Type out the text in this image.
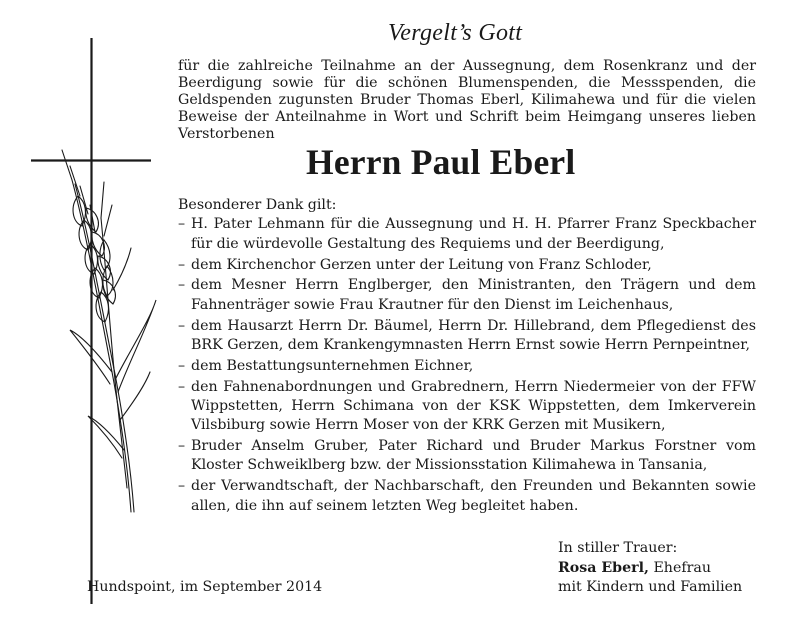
Vergelt’s Gott
für die zahlreiche Teilnahme an der Aussegnung, dem Rosenkranz und der Beerdigung sowie für die schönen Blumenspenden, die Messspenden, die Geldspenden zugunsten Bruder Thomas Eberl, Kilimahewa und für die vielen Beweise der Anteilnahme in Wort und Schrift beim Heimgang unseres lieben Verstorbenen
Herrn Paul Eberl

Besonderer Dank gilt:

– H. Pater Lehmann für die Aussegnung und H. H. Pfarrer Franz Speckbacher für die würdevolle Gestaltung des Requiems und der Beerdigung,
– dem Kirchenchor Gerzen unter der Leitung von Franz Schloder,
– dem Mesner Herrn Englberger, den Ministranten, den Trägern und dem Fahnenträger sowie Frau Krautner für den Dienst im Leichenhaus,
– dem Hausarzt Herrn Dr. Bäumel, Herrn Dr. Hillebrand, dem Pflegedienst des BRK Gerzen, dem Krankengymnasten Herrn Ernst sowie Herrn Pernpeintner,
– dem Bestattungsunternehmen Eichner,
– den Fahnenabordnungen und Grabrednern, Herrn Niedermeier von der FFW Wippstetten, Herrn Schimana von der KSK Wippstetten, dem Imkerverein Vilsbiburg sowie Herrn Moser von der KRK Gerzen mit Musikern,
– Bruder Anselm Gruber, Pater Richard und Bruder Markus Forstner vom Kloster Schweiklberg bzw. der Missionsstation Kilimahewa in Tansania,
– der Verwandtschaft, der Nachbarschaft, den Freunden und Bekannten sowie allen, die ihn auf seinem letzten Weg begleitet haben.
In stiller Trauer:
Rosa Eberl, Ehefrau
mit Kindern und Familien
Hundspoint, im September 2014
